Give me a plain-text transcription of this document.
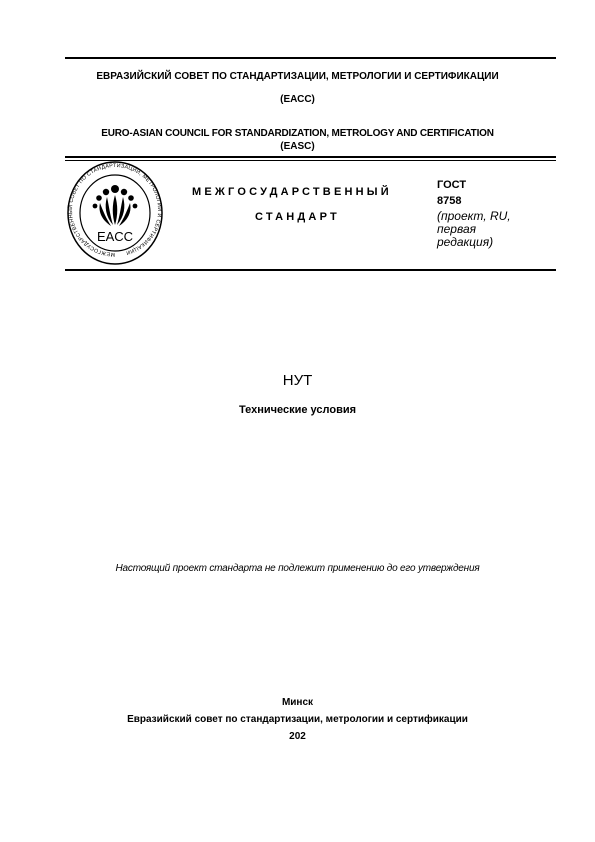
ЕВРАЗИЙСКИЙ СОВЕТ ПО СТАНДАРТИЗАЦИИ, МЕТРОЛОГИИ И СЕРТИФИКАЦИИ
(ЕАСС)
EURO-ASIAN COUNCIL FOR STANDARDIZATION, METROLOGY AND CERTIFICATION
(EASC)
МЕЖГОСУДАРСТВЕННЫЙ СОВЕТ ПО СТАНДАРТИЗАЦИИ, МЕТРОЛОГИИ И СЕРТИФИКАЦИИ
EACC
МЕЖГОСУДАРСТВЕННЫЙ
СТАНДАРТ
ГОСТ
8758
(проект, RU,
первая
редакция)
НУТ
Технические условия
Настоящий проект стандарта не подлежит применению до его утверждения
Минск
Евразийский совет по стандартизации, метрологии и сертификации
202
